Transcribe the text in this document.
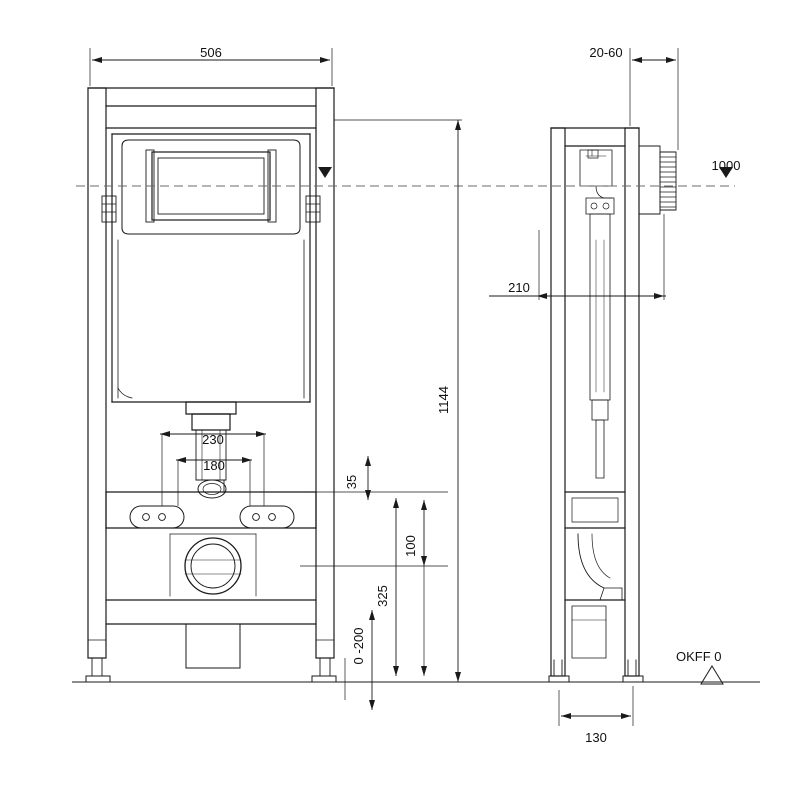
506
1144
230
180
35
100
325
0 -200
20-60
1000
210
130
OKFF 0
